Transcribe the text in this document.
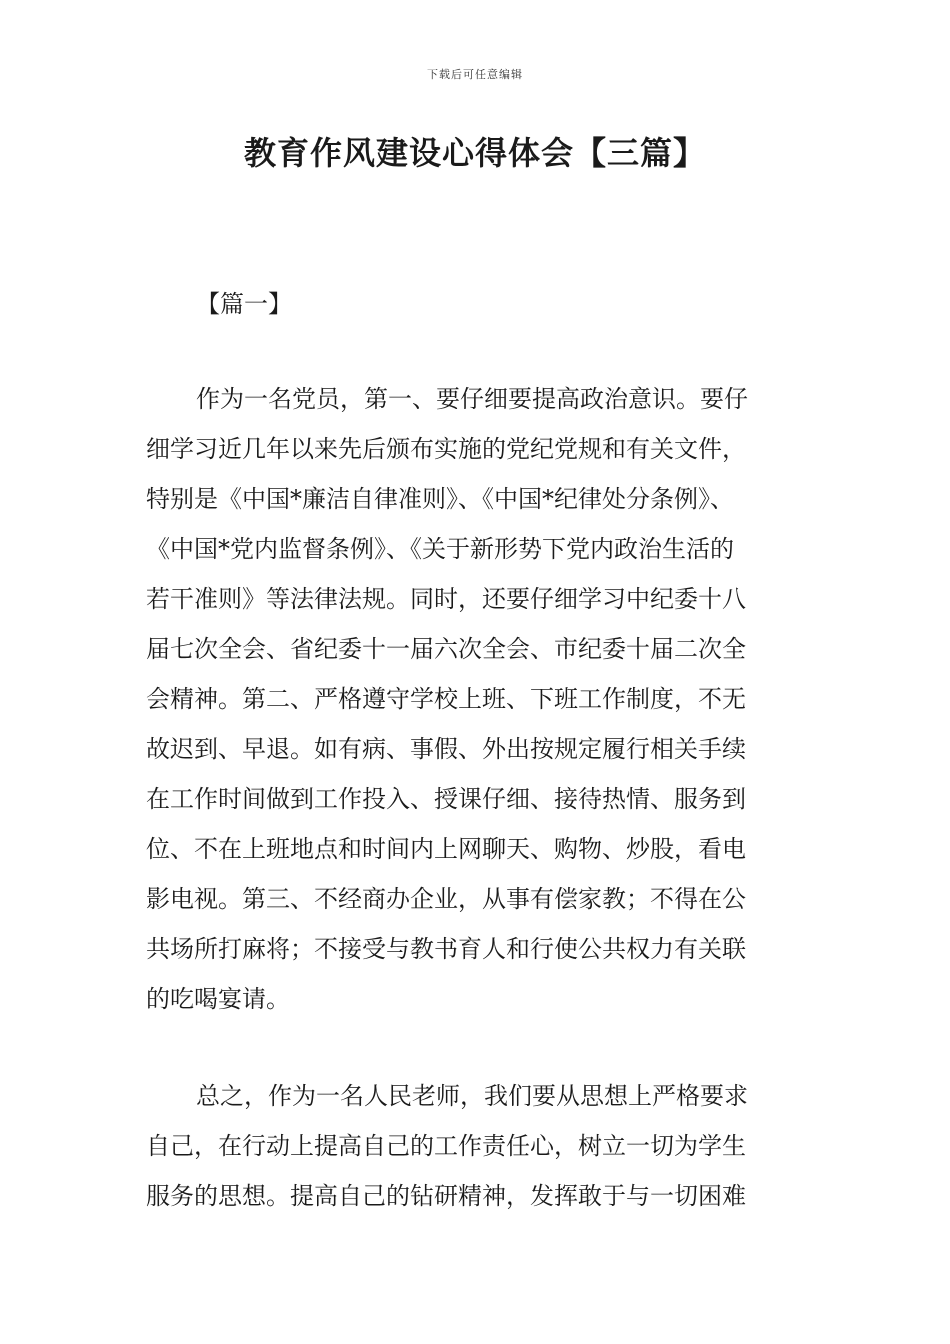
下载后可任意编辑
教育作风建设心得体会【三篇】
【篇一】
作为一名党员，第一、要仔细要提高政治意识。要仔
细学习近几年以来先后颁布实施的党纪党规和有关文件，
特别是《中国*廉洁自律准则》、《中国*纪律处分条例》、
《中国*党内监督条例》、《关于新形势下党内政治生活的
若干准则》等法律法规。同时，还要仔细学习中纪委十八
届七次全会、省纪委十一届六次全会、市纪委十届二次全
会精神。第二、严格遵守学校上班、下班工作制度，不无
故迟到、早退。如有病、事假、外出按规定履行相关手续
在工作时间做到工作投入、授课仔细、接待热情、服务到
位、不在上班地点和时间内上网聊天、购物、炒股，看电
影电视。第三、不经商办企业，从事有偿家教；不得在公
共场所打麻将；不接受与教书育人和行使公共权力有关联
的吃喝宴请。
总之，作为一名人民老师，我们要从思想上严格要求
自己，在行动上提高自己的工作责任心，树立一切为学生
服务的思想。提高自己的钻研精神，发挥敢于与一切困难
